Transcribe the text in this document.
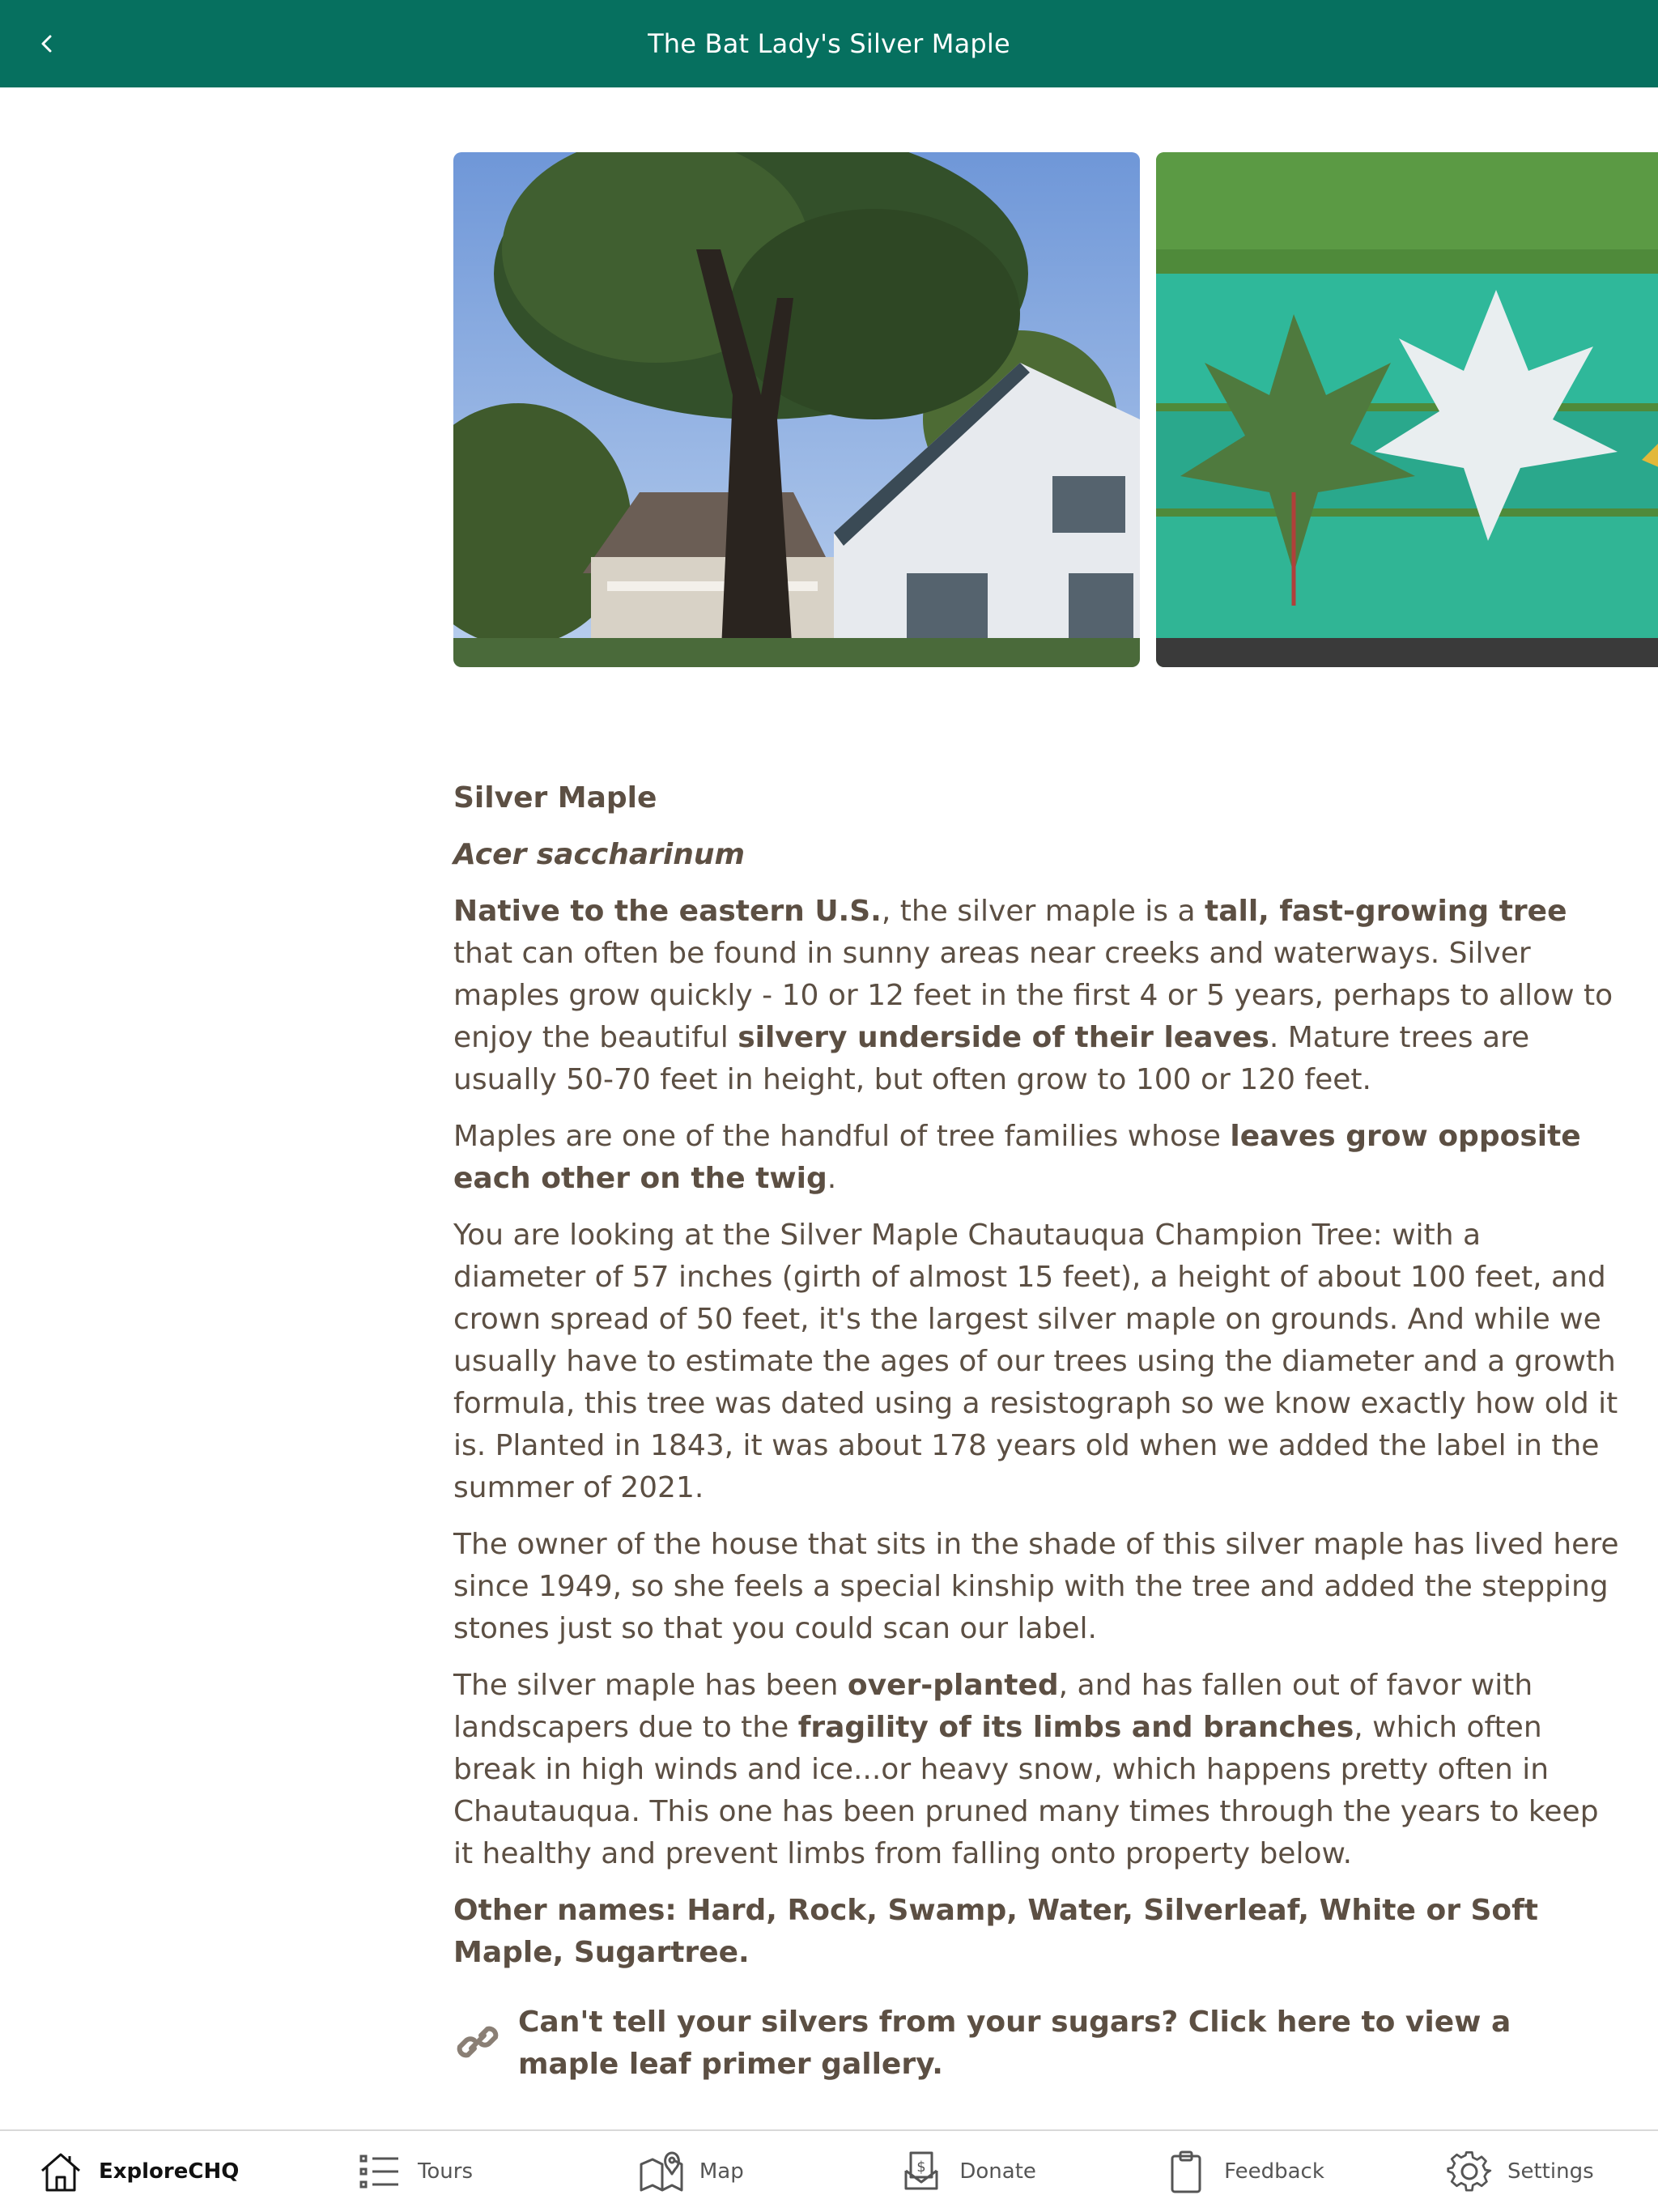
The Bat Lady's Silver Maple

Silver Maple

Acer saccharinum

Native to the eastern U.S., the silver maple is a tall, fast-growing tree that can often be found in sunny areas near creeks and waterways. Silver maples grow quickly - 10 or 12 feet in the first 4 or 5 years, perhaps to allow to enjoy the beautiful silvery underside of their leaves. Mature trees are usually 50-70 feet in height, but often grow to 100 or 120 feet.

Maples are one of the handful of tree families whose leaves grow opposite each other on the twig.

You are looking at the Silver Maple Chautauqua Champion Tree: with a diameter of 57 inches (girth of almost 15 feet), a height of about 100 feet, and crown spread of 50 feet, it's the largest silver maple on grounds. And while we usually have to estimate the ages of our trees using the diameter and a growth formula, this tree was dated using a resistograph so we know exactly how old it is. Planted in 1843, it was about 178 years old when we added the label in the summer of 2021.

The owner of the house that sits in the shade of this silver maple has lived here since 1949, so she feels a special kinship with the tree and added the stepping stones just so that you could scan our label.

The silver maple has been over-planted, and has fallen out of favor with landscapers due to the fragility of its limbs and branches, which often break in high winds and ice...or heavy snow, which happens pretty often in Chautauqua. This one has been pruned many times through the years to keep it healthy and prevent limbs from falling onto property below.

Other names: Hard, Rock, Swamp, Water, Silverleaf, White or Soft Maple, Sugartree.

Can't tell your silvers from your sugars? Click here to view a maple leaf primer gallery.
ExploreCHQ	Tours	Map	$ Donate	Feedback	Settings
